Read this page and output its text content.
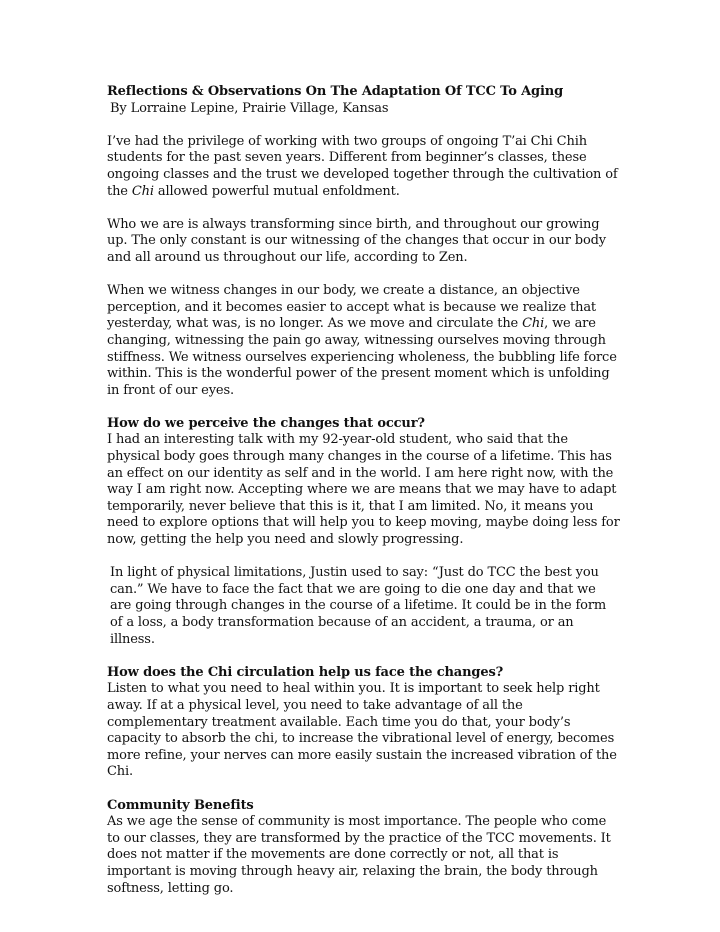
Reflections & Observations On The Adaptation Of TCC To Aging
By Lorraine Lepine, Prairie Village, Kansas

I’ve had the privilege of working with two groups of ongoing T’ai Chi Chih students for the past seven years. Different from beginner’s classes, these ongoing classes and the trust we developed together through the cultivation of the Chi allowed powerful mutual enfoldment.

Who we are is always transforming since birth, and throughout our growing up. The only constant is our witnessing of the changes that occur in our body and all around us throughout our life, according to Zen.

When we witness changes in our body, we create a distance, an objective perception, and it becomes easier to accept what is because we realize that yesterday, what was, is no longer. As we move and circulate the Chi, we are changing, witnessing the pain go away, witnessing ourselves moving through stiffness. We witness ourselves experiencing wholeness, the bubbling life force within. This is the wonderful power of the present moment which is unfolding in front of our eyes.

How do we perceive the changes that occur?

I had an interesting talk with my 92-year-old student, who said that the physical body goes through many changes in the course of a lifetime. This has an effect on our identity as self and in the world. I am here right now, with the way I am right now. Accepting where we are means that we may have to adapt temporarily, never believe that this is it, that I am limited. No, it means you need to explore options that will help you to keep moving, maybe doing less for now, getting the help you need and slowly progressing.

In light of physical limitations, Justin used to say: “Just do TCC the best you can.” We have to face the fact that we are going to die one day and that we are going through changes in the course of a lifetime. It could be in the form of a loss, a body transformation because of an accident, a trauma, or an illness.

How does the Chi circulation help us face the changes?

Listen to what you need to heal within you. It is important to seek help right away. If at a physical level, you need to take advantage of all the complementary treatment available. Each time you do that, your body’s capacity to absorb the chi, to increase the vibrational level of energy, becomes more refine, your nerves can more easily sustain the increased vibration of the Chi.

Community Benefits

As we age the sense of community is most importance. The people who come to our classes, they are transformed by the practice of the TCC movements. It does not matter if the movements are done correctly or not, all that is important is moving through heavy air, relaxing the brain, the body through softness, letting go.
